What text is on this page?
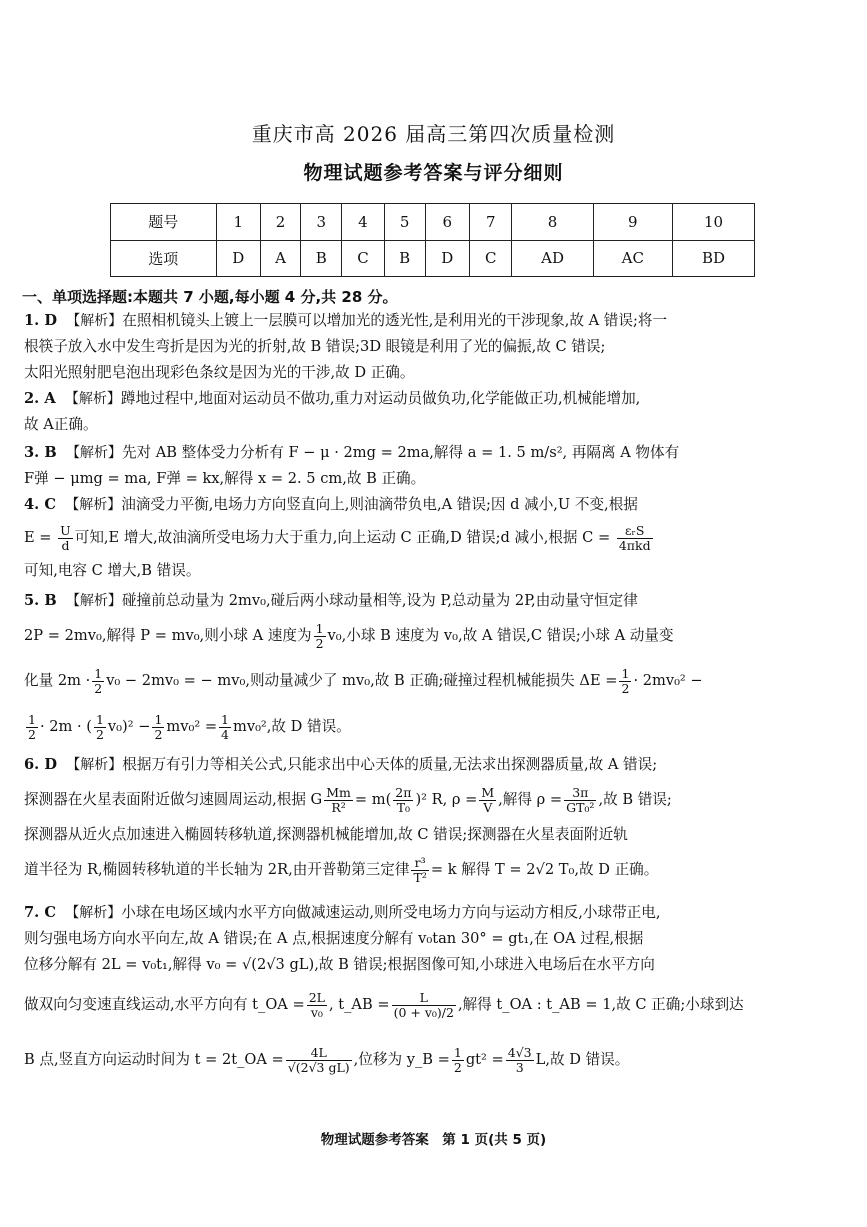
重庆市高 2026 届高三第四次质量检测
物理试题参考答案与评分细则
题号	1	2	3	4	5	6	7	8	9	10
选项	D	A	B	C	B	D	C	AD	AC	BD
一、单项选择题:本题共 7 小题,每小题 4 分,共 28 分。
1. D 【解析】在照相机镜头上镀上一层膜可以增加光的透光性,是利用光的干涉现象,故 A 错误;将一
根筷子放入水中发生弯折是因为光的折射,故 B 错误;3D 眼镜是利用了光的偏振,故 C 错误;
太阳光照射肥皂泡出现彩色条纹是因为光的干涉,故 D 正确。
2. A 【解析】蹲地过程中,地面对运动员不做功,重力对运动员做负功,化学能做正功,机械能增加,
故 A正确。
3. B 【解析】先对 AB 整体受力分析有 F − μ · 2mg = 2ma,解得 a = 1. 5 m/s², 再隔离 A 物体有
F弹 − μmg = ma, F弹 = kx,解得 x = 2. 5 cm,故 B 正确。
4. C 【解析】油滴受力平衡,电场力方向竖直向上,则油滴带负电,A 错误;因 d 减小,U 不变,根据
$E = \frac{U}{d}$ 可知,E 增大,故油滴所受电场力大于重力,向上运动 C 正确,D 错误;d 减小,根据 $C = \frac{\text{εᵣS}}{\text{4πkd}}$
可知,电容 C 增大,B 错误。
5. B 【解析】碰撞前总动量为 2mv₀,碰后两小球动量相等,设为 P,总动量为 2P,由动量守恒定律
2P = 2mv₀,解得 P = mv₀,则小球 A 速度为 $\frac{1}{2} v_0$,小球 B 速度为 v₀,故 A 错误,C 错误;小球 A 动量变
化量 $2m \cdot \frac{1}{2} v_0 - 2mv_0$ = − mv₀,则动量减少了 mv₀,故 B 正确;碰撞过程机械能损失 $\Delta E = \frac{1}{2} \cdot 2mv_0^2$ −
$\frac{1}{2} \cdot 2m$ · ( $\frac{1}{2} v_0)^2 - \frac{1}{2} mv_0^2 = \frac{1}{4} mv_0^2$,故 D 错误。
6. D 【解析】根据万有引力等相关公式,只能求出中心天体的质量,无法求出探测器质量,故 A 错误;
探测器在火星表面附近做匀速圆周运动,根据 G $\frac{Mm}{\text{R²}} = m( \frac{2\pi}{\text{T₀}} )^2$ R, $\rho = \frac{M}{V}$ ,解得 $\rho = \frac{3\pi}{\text{GT₀²}}$ ,故 B 错误;
探测器从近火点加速进入椭圆转移轨道,探测器机械能增加,故 C 错误;探测器在火星表面附近轨
道半径为 R,椭圆转移轨道的半长轴为 2R,由开普勒第三定律 $\frac{\text{r³}}{\text{T²}} = k$ 解得 T = 2√2 T₀,故 D 正确。
7. C 【解析】小球在电场区域内水平方向做减速运动,则所受电场力方向与运动方相反,小球带正电,
则匀强电场方向水平向左,故 A 错误;在 A 点,根据速度分解有 v₀tan 30° = gt₁,在 OA 过程,根据
位移分解有 2L = v₀t₁,解得 v₀ = √(2√3 gL),故 B 错误;根据图像可知,小球进入电场后在水平方向
做双向匀变速直线运动,水平方向有 t_OA = $\frac{2L}{\text{v₀}}$ , t_AB = $\frac{L}{\text{(0 + v₀)/2}}$ ,解得 t_OA : t_AB = 1,故 C 正确;小球到达
B 点,竖直方向运动时间为 t = 2t_OA = $\frac{4L}{√(2√3 gL)}$ ,位移为 y_B = $\frac{1}{2} gt^2 = \frac{4√3}{3} L$,故 D 错误。
物理试题参考答案　第 1 页(共 5 页)
